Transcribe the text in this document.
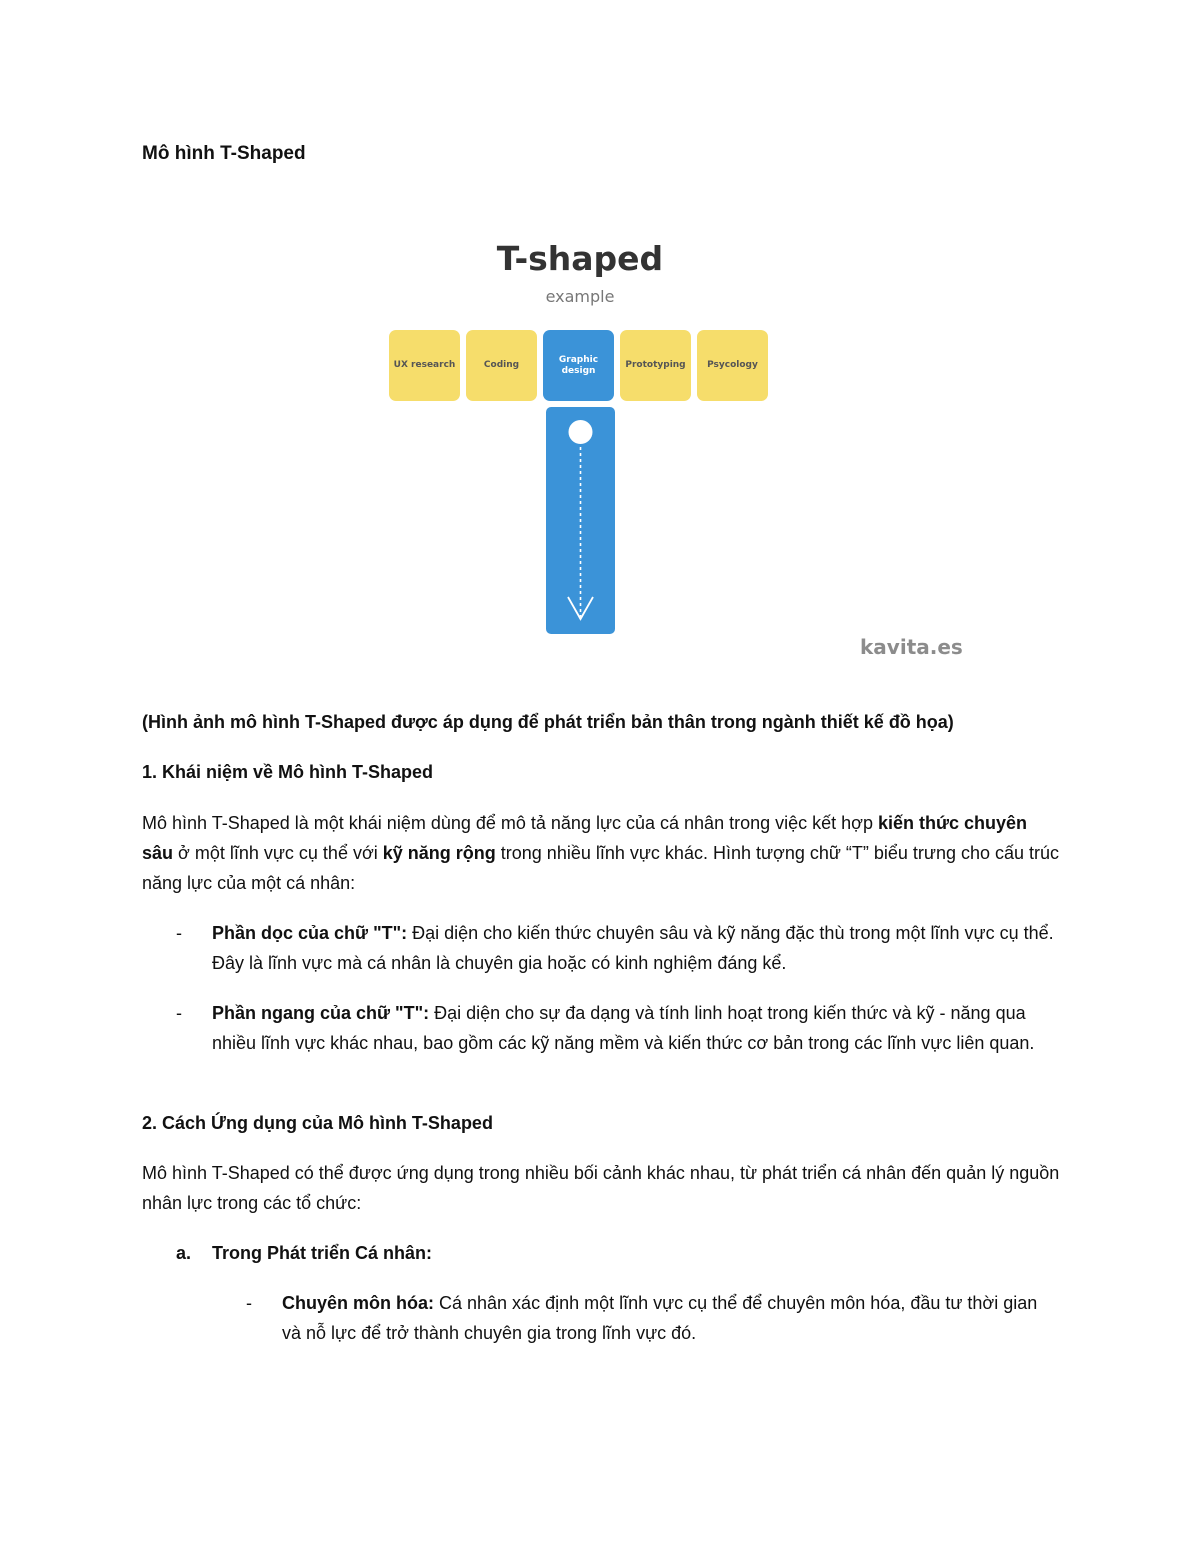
Mô hình T-Shaped
T-shaped
example
UX research	Coding
Graphic design
Prototyping	Psycology
kavita.es

(Hình ảnh mô hình T-Shaped được áp dụng để phát triển bản thân trong ngành thiết kế đồ họa)

1. Khái niệm về Mô hình T-Shaped

Mô hình T-Shaped là một khái niệm dùng để mô tả năng lực của cá nhân trong việc kết hợp kiến thức chuyên sâu ở một lĩnh vực cụ thể với kỹ năng rộng trong nhiều lĩnh vực khác. Hình tượng chữ “T” biểu trưng cho cấu trúc năng lực của một cá nhân:

- Phần dọc của chữ "T": Đại diện cho kiến thức chuyên sâu và kỹ năng đặc thù trong một lĩnh vực cụ thể. Đây là lĩnh vực mà cá nhân là chuyên gia hoặc có kinh nghiệm đáng kể.
- Phần ngang của chữ "T": Đại diện cho sự đa dạng và tính linh hoạt trong kiến thức và kỹ - năng qua nhiều lĩnh vực khác nhau, bao gồm các kỹ năng mềm và kiến thức cơ bản trong các lĩnh vực liên quan.

2. Cách Ứng dụng của Mô hình T-Shaped

Mô hình T-Shaped có thể được ứng dụng trong nhiều bối cảnh khác nhau, từ phát triển cá nhân đến quản lý nguồn nhân lực trong các tổ chức:

a. Trong Phát triển Cá nhân:
- Chuyên môn hóa: Cá nhân xác định một lĩnh vực cụ thể để chuyên môn hóa, đầu tư thời gian và nỗ lực để trở thành chuyên gia trong lĩnh vực đó.
